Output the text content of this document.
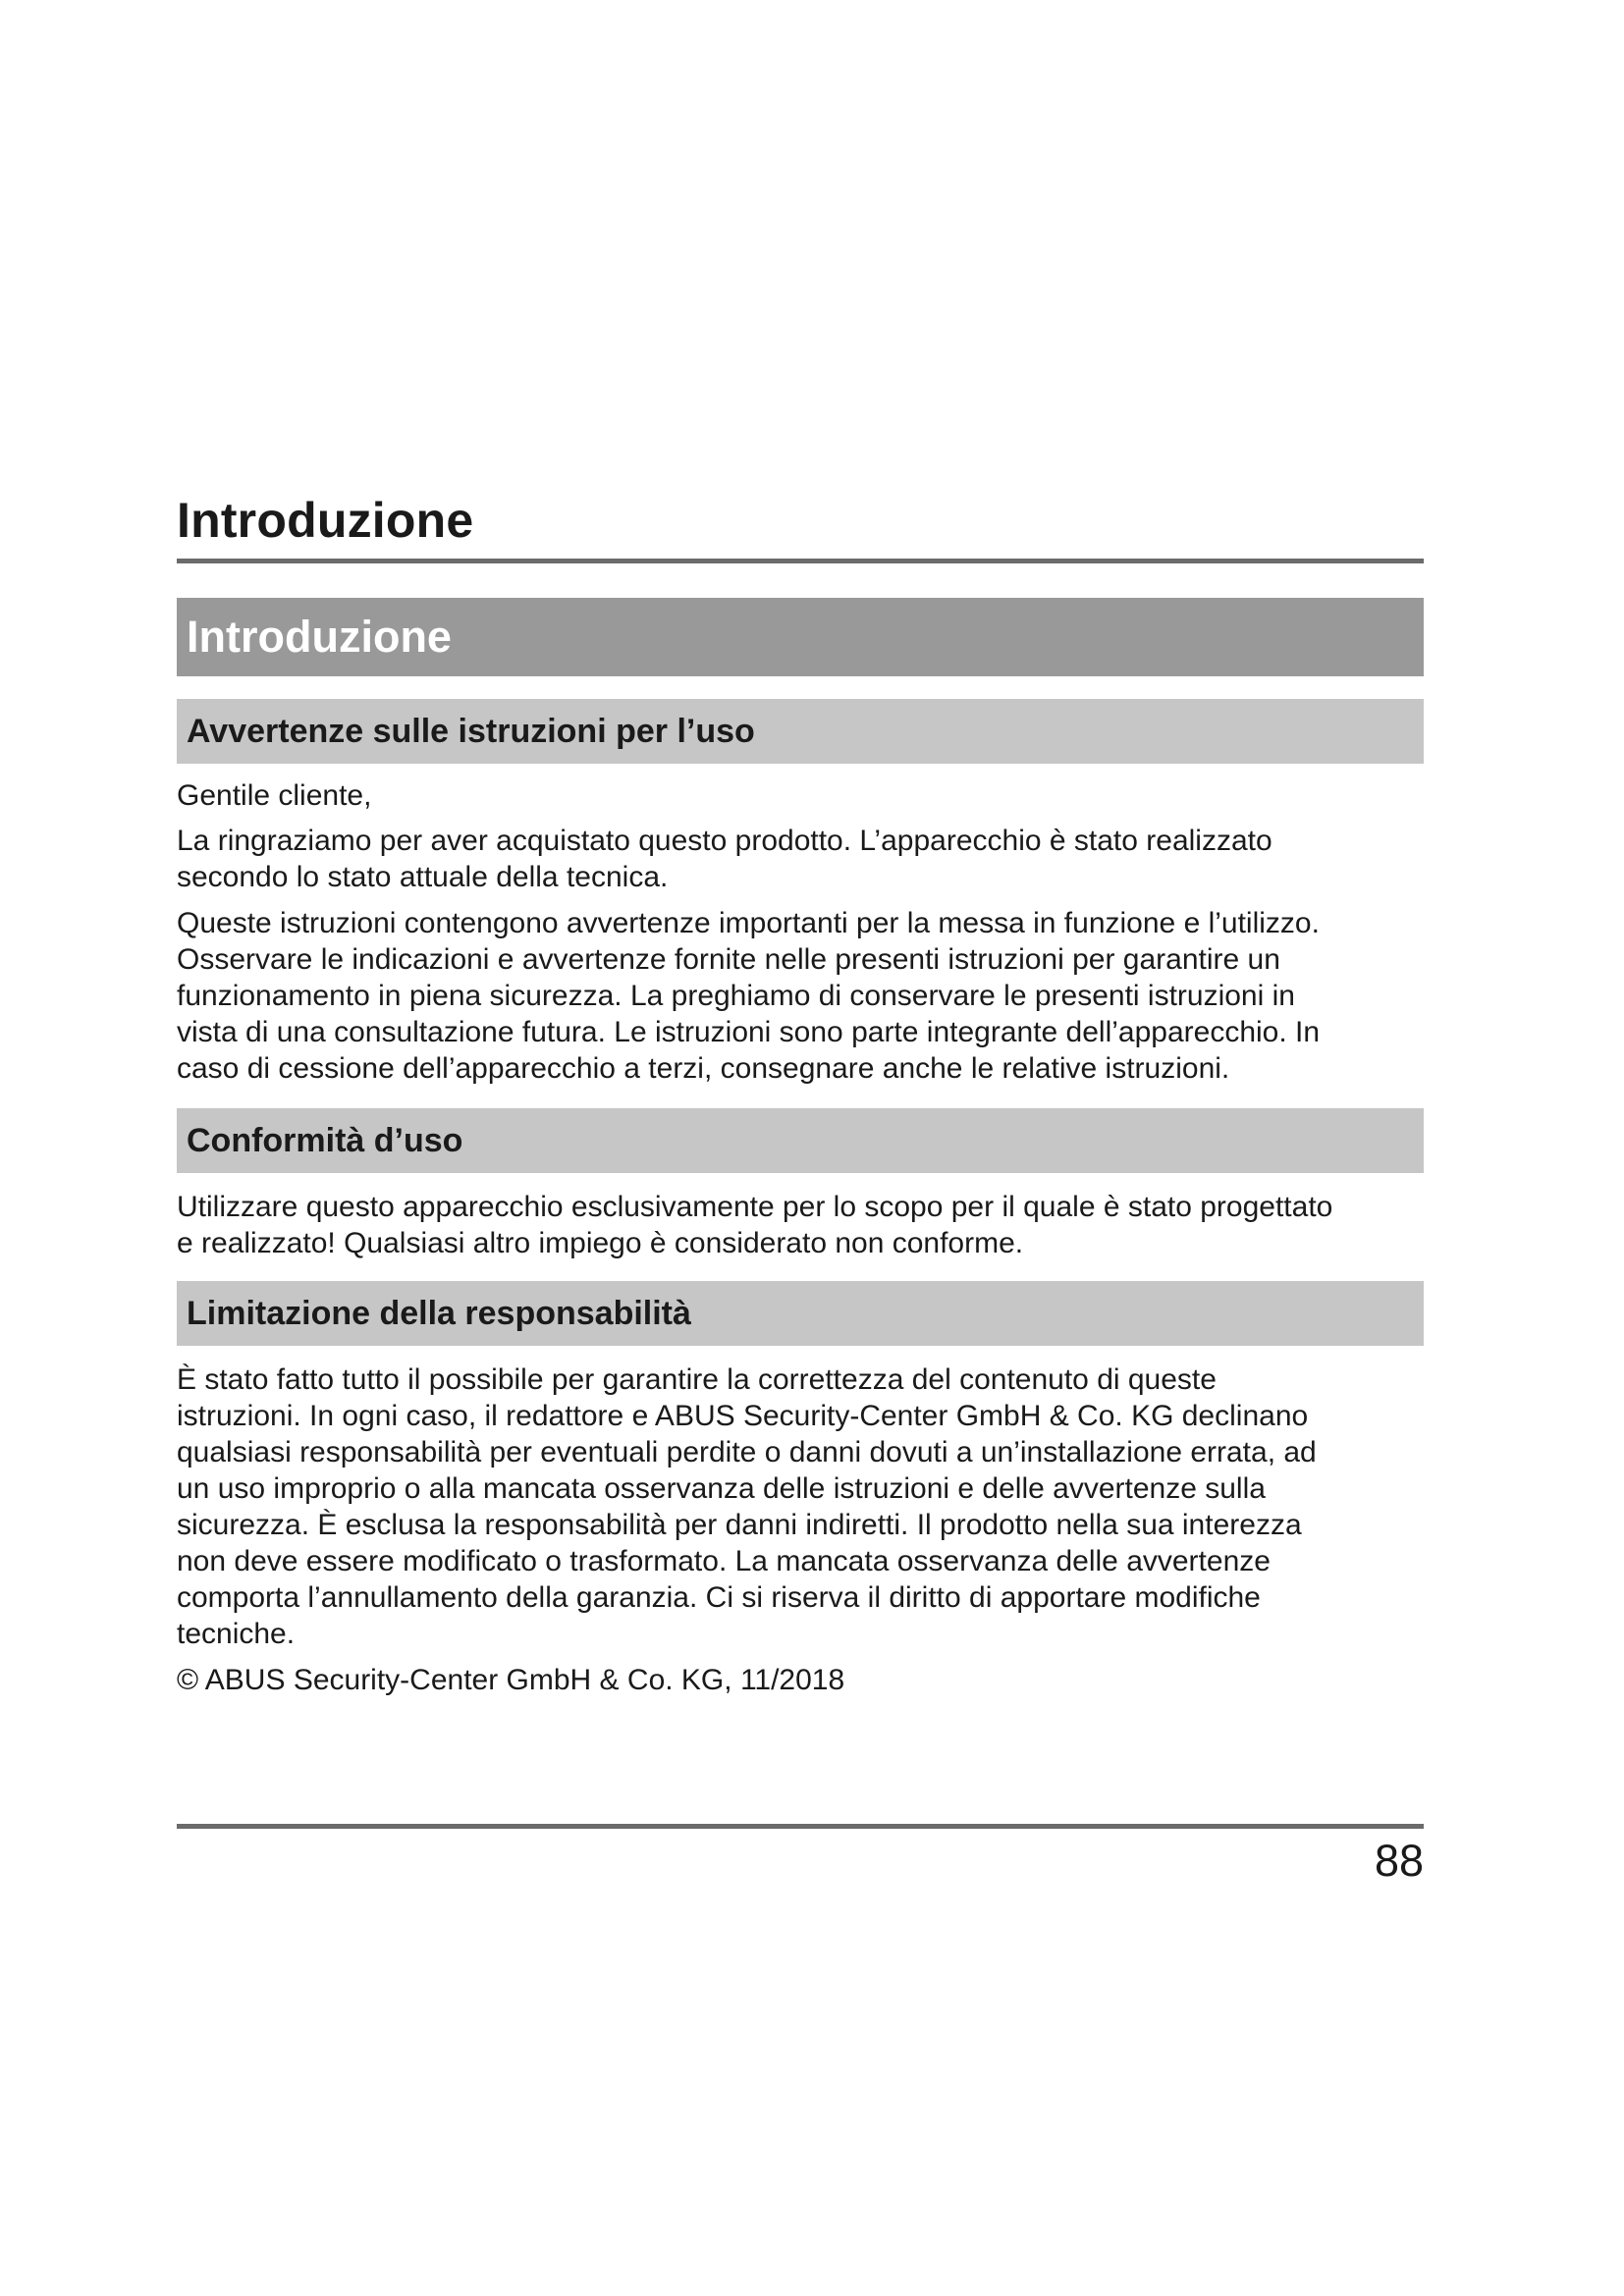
Introduzione
Introduzione
Avvertenze sulle istruzioni per l’uso

Gentile cliente,

La ringraziamo per aver acquistato questo prodotto. L’apparecchio è stato realizzato
secondo lo stato attuale della tecnica.

Queste istruzioni contengono avvertenze importanti per la messa in funzione e l’utilizzo.
Osservare le indicazioni e avvertenze fornite nelle presenti istruzioni per garantire un
funzionamento in piena sicurezza. La preghiamo di conservare le presenti istruzioni in
vista di una consultazione futura. Le istruzioni sono parte integrante dell’apparecchio. In
caso di cessione dell’apparecchio a terzi, consegnare anche le relative istruzioni.

Conformità d’uso

Utilizzare questo apparecchio esclusivamente per lo scopo per il quale è stato progettato
e realizzato! Qualsiasi altro impiego è considerato non conforme.

Limitazione della responsabilità

È stato fatto tutto il possibile per garantire la correttezza del contenuto di queste
istruzioni. In ogni caso, il redattore e ABUS Security-Center GmbH & Co. KG declinano
qualsiasi responsabilità per eventuali perdite o danni dovuti a un’installazione errata, ad
un uso improprio o alla mancata osservanza delle istruzioni e delle avvertenze sulla
sicurezza. È esclusa la responsabilità per danni indiretti. Il prodotto nella sua interezza
non deve essere modificato o trasformato. La mancata osservanza delle avvertenze
comporta l’annullamento della garanzia. Ci si riserva il diritto di apportare modifiche
tecniche.

© ABUS Security-Center GmbH & Co. KG, 11/2018

88
